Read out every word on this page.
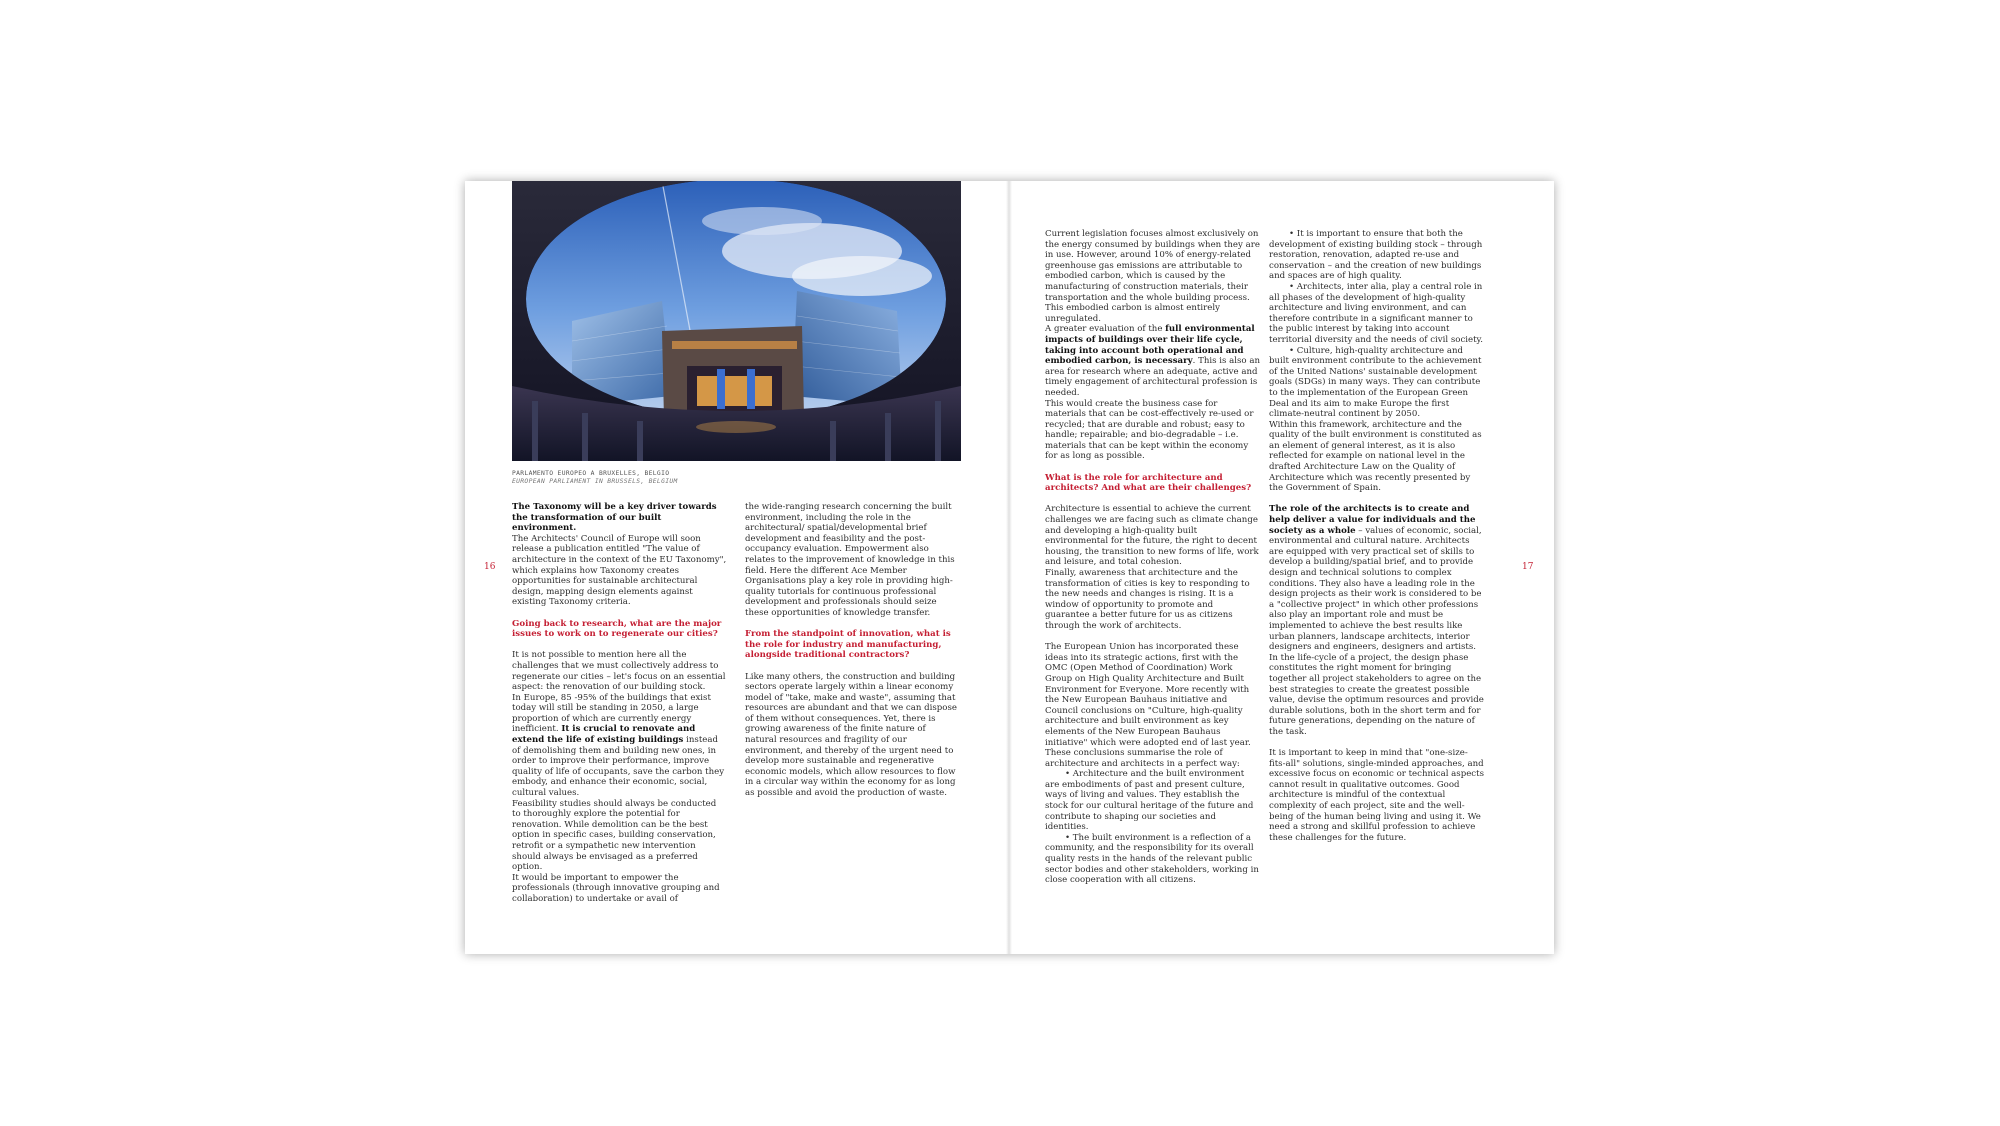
16
PARLAMENTO EUROPEO A BRUXELLES, BELGIO
EUROPEAN PARLIAMENT IN BRUSSELS, BELGIUM

The Taxonomy will be a key driver towards the transformation of our built environment.
The Architects' Council of Europe will soon release a publication entitled "The value of architecture in the context of the EU Taxonomy", which explains how Taxonomy creates opportunities for sustainable architectural design, mapping design elements against existing Taxonomy criteria.

Going back to research, what are the major issues to work on to regenerate our cities?

It is not possible to mention here all the challenges that we must collectively address to regenerate our cities – let's focus on an essential aspect: the renovation of our building stock.

In Europe, 85 -95% of the buildings that exist today will still be standing in 2050, a large proportion of which are currently energy inefficient. It is crucial to renovate and extend the life of existing buildings instead of demolishing them and building new ones, in order to improve their performance, improve quality of life of occupants, save the carbon they embody, and enhance their economic, social, cultural values.

Feasibility studies should always be conducted to thoroughly explore the potential for renovation. While demolition can be the best option in specific cases, building conservation, retrofit or a sympathetic new intervention should always be envisaged as a preferred option.

It would be important to empower the professionals (through innovative grouping and collaboration) to undertake or avail of

the wide-ranging research concerning the built environment, including the role in the architectural/ spatial/developmental brief development and feasibility and the post-occupancy evaluation. Empowerment also relates to the improvement of knowledge in this field. Here the different Ace Member Organisations play a key role in providing high-quality tutorials for continuous professional development and professionals should seize these opportunities of knowledge transfer.

From the standpoint of innovation, what is the role for industry and manufacturing, alongside traditional contractors?

Like many others, the construction and building sectors operate largely within a linear economy model of "take, make and waste", assuming that resources are abundant and that we can dispose of them without consequences. Yet, there is growing awareness of the finite nature of natural resources and fragility of our environment, and thereby of the urgent need to develop more sustainable and regenerative economic models, which allow resources to flow in a circular way within the economy for as long as possible and avoid the production of waste.

17

Current legislation focuses almost exclusively on the energy consumed by buildings when they are in use. However, around 10% of energy-related greenhouse gas emissions are attributable to embodied carbon, which is caused by the manufacturing of construction materials, their transportation and the whole building process. This embodied carbon is almost entirely unregulated.

A greater evaluation of the full environmental impacts of buildings over their life cycle, taking into account both operational and embodied carbon, is necessary. This is also an area for research where an adequate, active and timely engagement of architectural profession is needed.

This would create the business case for materials that can be cost-effectively re-used or recycled; that are durable and robust; easy to handle; repairable; and bio-degradable – i.e. materials that can be kept within the economy for as long as possible.

What is the role for architecture and architects? And what are their challenges?

Architecture is essential to achieve the current challenges we are facing such as climate change and developing a high-quality built environmental for the future, the right to decent housing, the transition to new forms of life, work and leisure, and total cohesion.

Finally, awareness that architecture and the transformation of cities is key to responding to the new needs and changes is rising. It is a window of opportunity to promote and guarantee a better future for us as citizens through the work of architects.

The European Union has incorporated these ideas into its strategic actions, first with the OMC (Open Method of Coordination) Work Group on High Quality Architecture and Built Environment for Everyone. More recently with the New European Bauhaus initiative and Council conclusions on "Culture, high-quality architecture and built environment as key elements of the New European Bauhaus initiative" which were adopted end of last year. These conclusions summarise the role of architecture and architects in a perfect way:

• Architecture and the built environment are embodiments of past and present culture, ways of living and values. They establish the stock for our cultural heritage of the future and contribute to shaping our societies and identities.

• The built environment is a reflection of a community, and the responsibility for its overall quality rests in the hands of the relevant public sector bodies and other stakeholders, working in close cooperation with all citizens.

• It is important to ensure that both the development of existing building stock – through restoration, renovation, adapted re-use and conservation – and the creation of new buildings and spaces are of high quality.

• Architects, inter alia, play a central role in all phases of the development of high-quality architecture and living environment, and can therefore contribute in a significant manner to the public interest by taking into account territorial diversity and the needs of civil society.

• Culture, high-quality architecture and built environment contribute to the achievement of the United Nations' sustainable development goals (SDGs) in many ways. They can contribute to the implementation of the European Green Deal and its aim to make Europe the first climate-neutral continent by 2050.

Within this framework, architecture and the quality of the built environment is constituted as an element of general interest, as it is also reflected for example on national level in the drafted Architecture Law on the Quality of Architecture which was recently presented by the Government of Spain.

The role of the architects is to create and help deliver a value for individuals and the society as a whole – values of economic, social, environmental and cultural nature. Architects are equipped with very practical set of skills to develop a building/spatial brief, and to provide design and technical solutions to complex conditions. They also have a leading role in the design projects as their work is considered to be a "collective project" in which other professions also play an important role and must be implemented to achieve the best results like urban planners, landscape architects, interior designers and engineers, designers and artists.

In the life-cycle of a project, the design phase constitutes the right moment for bringing together all project stakeholders to agree on the best strategies to create the greatest possible value, devise the optimum resources and provide durable solutions, both in the short term and for future generations, depending on the nature of the task.

It is important to keep in mind that "one-size-fits-all" solutions, single-minded approaches, and excessive focus on economic or technical aspects cannot result in qualitative outcomes. Good architecture is mindful of the contextual complexity of each project, site and the well-being of the human being living and using it. We need a strong and skillful profession to achieve these challenges for the future.
